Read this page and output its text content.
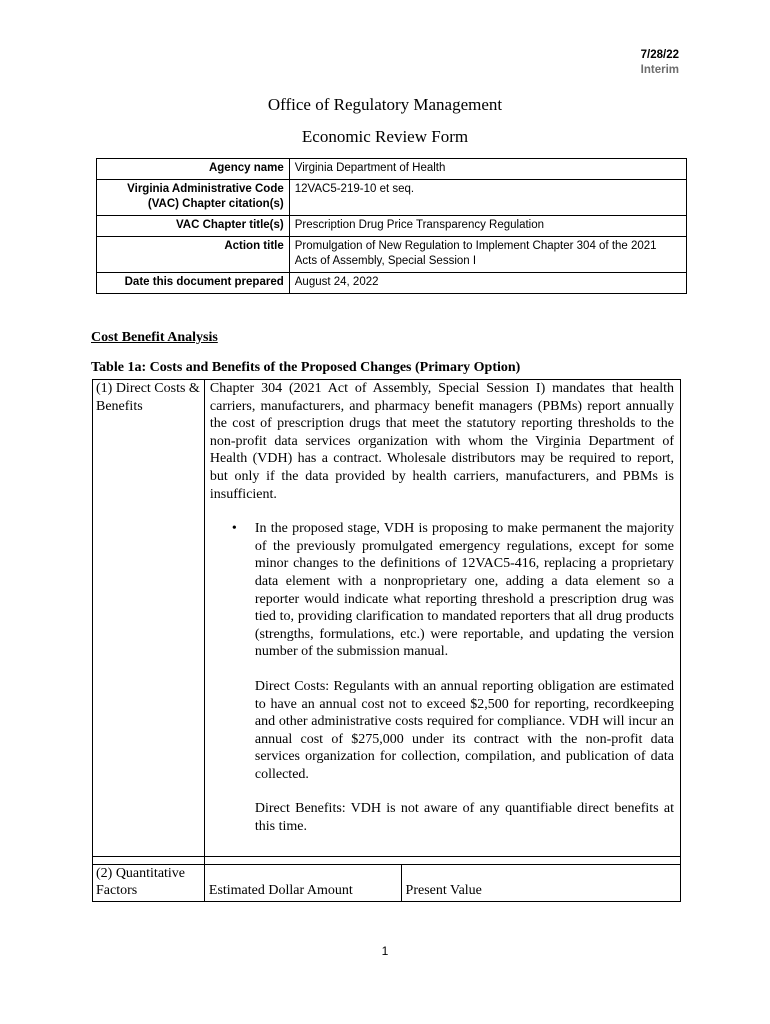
7/28/22
Interim
Office of Regulatory Management
Economic Review Form
Agency name	Virginia Department of Health
Virginia Administrative Code
(VAC) Chapter citation(s)	12VAC5-219-10 et seq.
VAC Chapter title(s)	Prescription Drug Price Transparency Regulation
Action title	Promulgation of New Regulation to Implement Chapter 304 of the 2021 Acts of Assembly, Special Session I
Date this document prepared	August 24, 2022
Cost Benefit Analysis
Table 1a: Costs and Benefits of the Proposed Changes (Primary Option)
(1) Direct Costs & Benefits	Chapter 304 (2021 Act of Assembly, Special Session I) mandates that health carriers, manufacturers, and pharmacy benefit managers (PBMs) report annually the cost of prescription drugs that meet the statutory reporting thresholds to the non-profit data services organization with whom the Virginia Department of Health (VDH) has a contract. Wholesale distributors may be required to report, but only if the data provided by health carriers, manufacturers, and PBMs is insufficient.
• In the proposed stage, VDH is proposing to make permanent the majority of the previously promulgated emergency regulations, except for some minor changes to the definitions of 12VAC5-416, replacing a proprietary data element with a nonproprietary one, adding a data element so a reporter would indicate what reporting threshold a prescription drug was tied to, providing clarification to mandated reporters that all drug products (strengths, formulations, etc.) were reportable, and updating the version number of the submission manual.
Direct Costs: Regulants with an annual reporting obligation are estimated to have an annual cost not to exceed $2,500 for reporting, recordkeeping and other administrative costs required for compliance. VDH will incur an annual cost of $275,000 under its contract with the non-profit data services organization for collection, compilation, and publication of data collected.
Direct Benefits: VDH is not aware of any quantifiable direct benefits at this time.	

(2) Quantitative Factors	Estimated Dollar Amount	Present Value
1
